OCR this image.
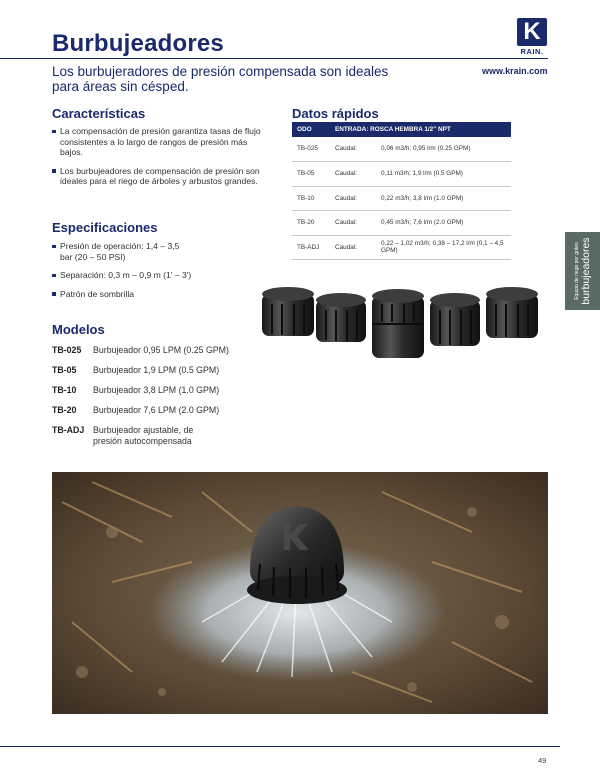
Burbujeadores	K
RAIN.
Los burbujeradores de presión compensada son ideales para áreas sin césped.
www.krain.com
Características
La compensación de presión garantiza tasas de flujo consistentes a lo largo de rangos de presión más bajos.
Los burbujeadores de compensación de presión son ideales para el riego de árboles y arbustos grandes.
Especificaciones
Presión de operación: 1,4 – 3,5 bar (20 – 50 PSI)
Separación: 0,3 m – 0,9 m (1' – 3')
Patrón de sombrilla
Modelos
TB-025	Burbujeador 0,95 LPM (0.25 GPM)
TB-05	Burbujeador 1,9 LPM (0.5 GPM)
TB-10	Burbujeador 3,8 LPM (1.0 GPM)
TB-20	Burbujeador 7,6 LPM (2.0 GPM)
TB-ADJ Burbujeador ajustable, de presión autocompensada
Datos rápidos
ODO	ENTRADA: ROSCA HEMBRA 1/2" NPT	
TB-025	Caudal:	0,06 m3/h; 0,95 l/m (0.25 GPM)
TB-05	Caudal:	0,11 m3/h; 1,9 l/m (0.5 GPM)
TB-10	Caudal:	0,22 m3/h; 3,8 l/m (1.0 GPM)
TB-20	Caudal:	0,45 m3/h; 7,6 l/m (2.0 GPM)
TB-ADJ	Caudal:	0,22 – 1,02 m3/h; 0,38 – 17,2 l/m (0,1 – 4,5 GPM)	Equipo de riego por goteo burbujeadores
49
